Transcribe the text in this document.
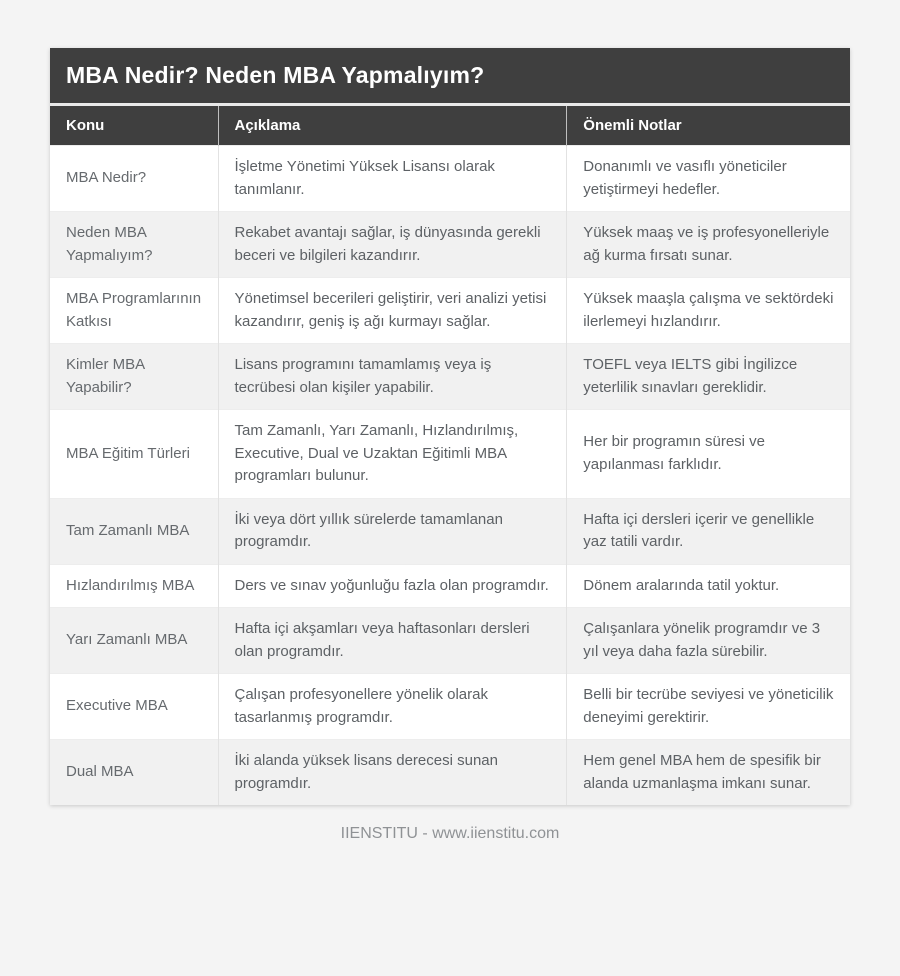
MBA Nedir? Neden MBA Yapmalıyım?
Konu	Açıklama	Önemli Notlar
MBA Nedir?	İşletme Yönetimi Yüksek Lisansı olarak tanımlanır.	Donanımlı ve vasıflı yöneticiler yetiştirmeyi hedefler.
Neden MBA Yapmalıyım?	Rekabet avantajı sağlar, iş dünyasında gerekli beceri ve bilgileri kazandırır.	Yüksek maaş ve iş profesyonelleriyle ağ kurma fırsatı sunar.
MBA Programlarının Katkısı	Yönetimsel becerileri geliştirir, veri analizi yetisi kazandırır, geniş iş ağı kurmayı sağlar.	Yüksek maaşla çalışma ve sektördeki ilerlemeyi hızlandırır.
Kimler MBA Yapabilir?	Lisans programını tamamlamış veya iş tecrübesi olan kişiler yapabilir.	TOEFL veya IELTS gibi İngilizce yeterlilik sınavları gereklidir.
MBA Eğitim Türleri	Tam Zamanlı, Yarı Zamanlı, Hızlandırılmış, Executive, Dual ve Uzaktan Eğitimli MBA programları bulunur.	Her bir programın süresi ve yapılanması farklıdır.
Tam Zamanlı MBA	İki veya dört yıllık sürelerde tamamlanan programdır.	Hafta içi dersleri içerir ve genellikle yaz tatili vardır.
Hızlandırılmış MBA	Ders ve sınav yoğunluğu fazla olan programdır.	Dönem aralarında tatil yoktur.
Yarı Zamanlı MBA	Hafta içi akşamları veya haftasonları dersleri olan programdır.	Çalışanlara yönelik programdır ve 3 yıl veya daha fazla sürebilir.
Executive MBA	Çalışan profesyonellere yönelik olarak tasarlanmış programdır.	Belli bir tecrübe seviyesi ve yöneticilik deneyimi gerektirir.
Dual MBA	İki alanda yüksek lisans derecesi sunan programdır.	Hem genel MBA hem de spesifik bir alanda uzmanlaşma imkanı sunar.
IIENSTITU - www.iienstitu.com
